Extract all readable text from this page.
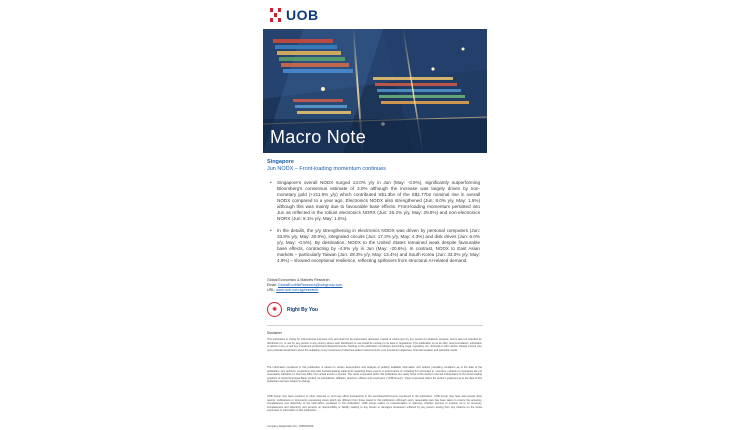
UOB
Macro Note
Singapore
Jun NODX – Front-loading momentum continues
• Singapore's overall NODX surged 13.0% y/y in Jun (May: -3.9%), significantly outperforming Bloomberg's consensus estimate of 3.0% although the increase was largely driven by non-monetary gold (+211.9% y/y) which contributed S$1.3bn of the S$1.77bn nominal rise in overall NODX compared to a year ago. Electronics NODX also strengthened (Jun: 8.0% y/y, May: 1.6%) although this was mainly due to favourable base effects. Front-loading momentum persisted into Jun as reflected in the robust electronics NORX (Jun: 26.2% y/y, May: 29.8%) and non-electronics NORX (Jun: 9.1% y/y, May: 1.5%).
• In the details, the y/y strengthening in electronics NODX was driven by personal computers (Jun: 33.8% y/y, May: 30.9%), integrated circuits (Jun: 17.3% y/y, May: 4.3%) and disk drives (Jun: 6.0% y/y, May: -0.5%). By destination, NODX to the United States remained weak despite favourable base effects, contracting by -4.8% y/y in Jun (May: -20.6%). In contrast, NODX to East Asian markets – particularly Taiwan (Jun: 28.3% y/y, May: 13.4%) and South Korea (Jun: 33.0% y/y, May: 4.9%) – showed exceptional resilience, reflecting spillovers from structural AI-related demand.
Global Economics & Markets Research
Email: GlobalEcoMktResearch@uobgroup.com
URL: www.uob.com.sg/research
✺	Right By You
Disclaimer
This publication is strictly for informational purposes only and shall not be transmitted, disclosed, copied or relied upon by any person for whatever purpose, and is also not intended for distribution to, or use by, any person in any country where such distribution or use would be contrary to its laws or regulations. This publication is not an offer, recommendation, solicitation or advice to buy or sell any investment product/securities/instruments. Nothing in this publication constitutes accounting, legal, regulatory, tax, financial or other advice. Please consult your own professional advisors about the suitability of any investment product/securities/ instruments for your investment objectives, financial situation and particular needs.
The information contained in this publication is based on certain assumptions and analysis of publicly available information and reflects prevailing conditions as of the date of the publication. Any opinions, projections and other forward-looking statements regarding future events or performance of, including but not limited to, countries, markets or companies are not necessarily indicative of, and may differ from actual events or results. The views expressed within this publication are solely those of the author's and are independent of the actual trading positions of United Overseas Bank Limited, its subsidiaries, affiliates, directors, officers and employees ("UOB Group"). Views expressed reflect the author's judgment as at the date of this publication and are subject to change.
UOB Group may have positions or other interests in, and may effect transactions in the securities/instruments mentioned in the publication. UOB Group may have also issued other reports, publications or documents expressing views which are different from those stated in this publication. Although every reasonable care has been taken to ensure the accuracy, completeness and objectivity of the information contained in this publication, UOB Group makes no representation or warranty, whether express or implied, as to its accuracy, completeness and objectivity and accepts no responsibility or liability relating to any losses or damages howsoever suffered by any person arising from any reliance on the views expressed or information in this publication.
Company Registration No.: 193500026Z
